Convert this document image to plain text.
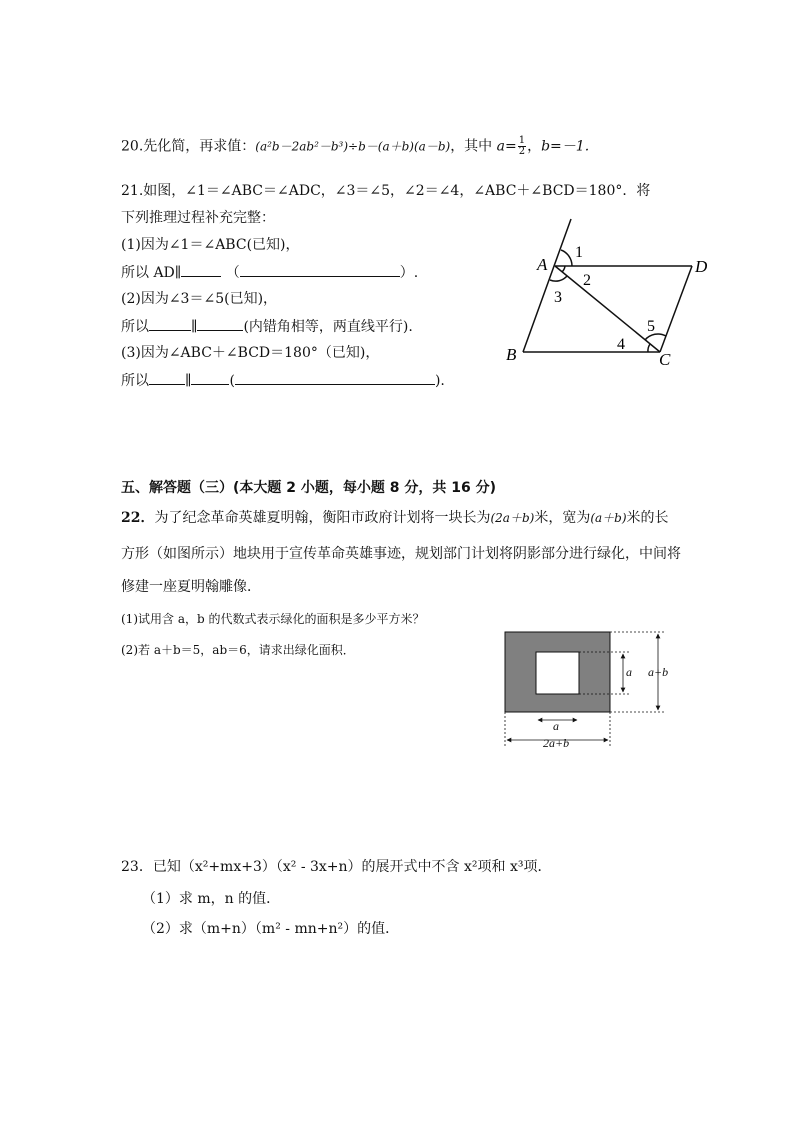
20.先化简，再求值：(a²b－2ab²－b³)÷b－(a＋b)(a－b)，其中 $a= \frac{1}{2}$ ，b=－1.
21.如图，∠1＝∠ABC＝∠ADC，∠3＝∠5，∠2＝∠4，∠ABC＋∠BCD＝180°．将
下列推理过程补充完整：
(1)因为∠1＝∠ABC(已知)，
所以 AD∥	（	）.
(2)因为∠3＝∠5(已知)，
所以	∥	(内错角相等，两直线平行).
(3)因为∠ABC＋∠BCD＝180°（已知)，
所以	∥	(	).
A
B	C
D
1
2
3
4
5
五、解答题（三）(本大题 2 小题，每小题 8 分，共 16 分)
22．为了纪念革命英雄夏明翰，衡阳市政府计划将一块长为(2a＋b)米，宽为(a＋b)米的长
方形（如图所示）地块用于宣传革命英雄事迹，规划部门计划将阴影部分进行绿化，中间将
修建一座夏明翰雕像．
(1)试用含 a，b 的代数式表示绿化的面积是多少平方米？
(2)若 a＋b＝5，ab＝6，请求出绿化面积．
a a+b
a
2a+b
23．已知（x²+mx+3）（x² - 3x+n）的展开式中不含 x²项和 x³项．
（1）求 m，n 的值．
（2）求（m+n）（m² - mn+n²）的值．
